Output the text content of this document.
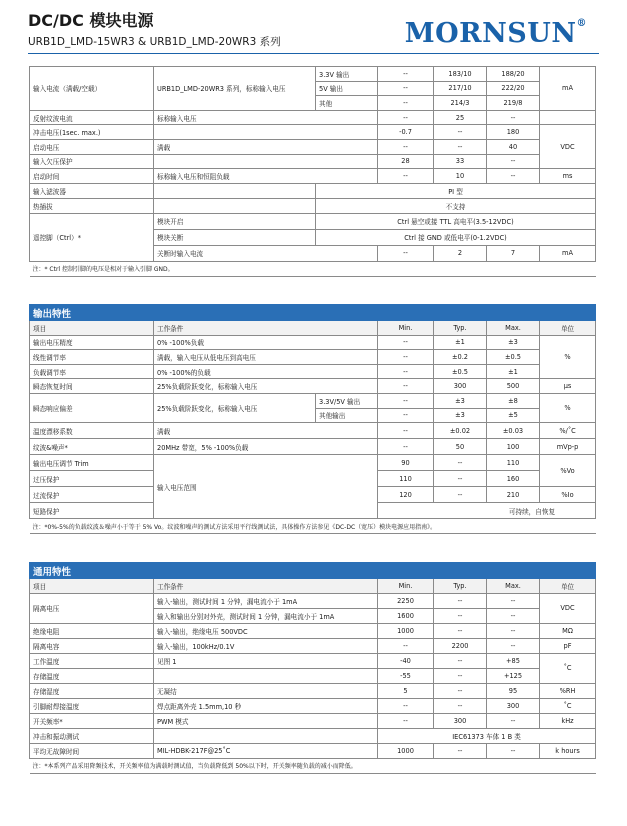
DC/DC 模块电源
URB1D_LMD-15WR3 & URB1D_LMD-20WR3 系列	MORNSUN®
输入电流（满载/空载）	URB1D_LMD-20WR3 系列，标称输入电压	3.3V 输出	--	183/10	188/20	mA
		5V 输出	--	217/10	222/20	
		其他	--	214/3	219/8	
反射纹波电流	标称输入电压		--	25	--	
冲击电压(1sec. max.)			-0.7	--	180	VDC
启动电压	满载		--	--	40	
输入欠压保护			28	33	--	
启动时间	标称输入电压和恒阻负载		--	10	--	ms
输入滤波器		PI 型				
热插拔		不支持				
遥控脚（Ctrl）*	模块开启	Ctrl 悬空或接 TTL 高电平(3.5-12VDC)				
	模块关断	Ctrl 接 GND 或低电平(0-1.2VDC)				
	关断时输入电流		--	2	7	mA
注：* Ctrl 控制引脚的电压是相对于输入引脚 GND。						
输出特性						
项目	工作条件		Min.	Typ.	Max.	单位
输出电压精度	0% -100%负载		--	±1	±3	%
线性调节率	满载，输入电压从低电压到高电压		--	±0.2	±0.5	
负载调节率	0% -100%的负载		--	±0.5	±1	
瞬态恢复时间	25%负载阶跃变化，标称输入电压		--	300	500	μs
瞬态响应偏差	25%负载阶跃变化，标称输入电压	3.3V/5V 输出	--	±3	±8	%
		其他输出	--	±3	±5	
温度漂移系数	满载		--	±0.02	±0.03	%/˚C
纹波&噪声*	20MHz 带宽，5% -100%负载		--	50	100	mVp-p
输出电压调节 Trim	输入电压范围		90	--	110	%Vo
过压保护			110	--	160	
过流保护			120	--	210	%Io
短路保护			可持续，自恢复			
注：*0%-5%的负载纹波＆噪声小于等于 5% Vo。纹波和噪声的测试方法采用平行线测试法，具体操作方法参见《DC-DC（宽压）模块电源应用指南》。						
通用特性					
项目	工作条件	Min.	Typ.	Max.	单位
隔离电压	输入-输出，测试时间 1 分钟，漏电流小于 1mA	2250	--	--	VDC
	输入和输出分别对外壳，测试时间 1 分钟，漏电流小于 1mA	1600	--	--	
绝缘电阻	输入-输出，绝缘电压 500VDC	1000	--	--	MΩ
隔离电容	输入-输出，100kHz/0.1V	--	2200	--	pF
工作温度	见图 1	-40	--	+85	˚C
存储温度		-55	--	+125	
存储湿度	无凝结	5	--	95	%RH
引脚耐焊接温度	焊点距离外壳 1.5mm,10 秒	--	--	300	˚C
开关频率*	PWM 模式	--	300	--	kHz
冲击和振动测试		IEC61373 车体 1 B 类			
平均无故障时间	MIL-HDBK-217F@25˚C	1000	--	--	k hours
注：*本系列产品采用降频技术，开关频率值为满载时测试值，当负载降低到 50%以下时，开关频率随负载的减小而降低。					
